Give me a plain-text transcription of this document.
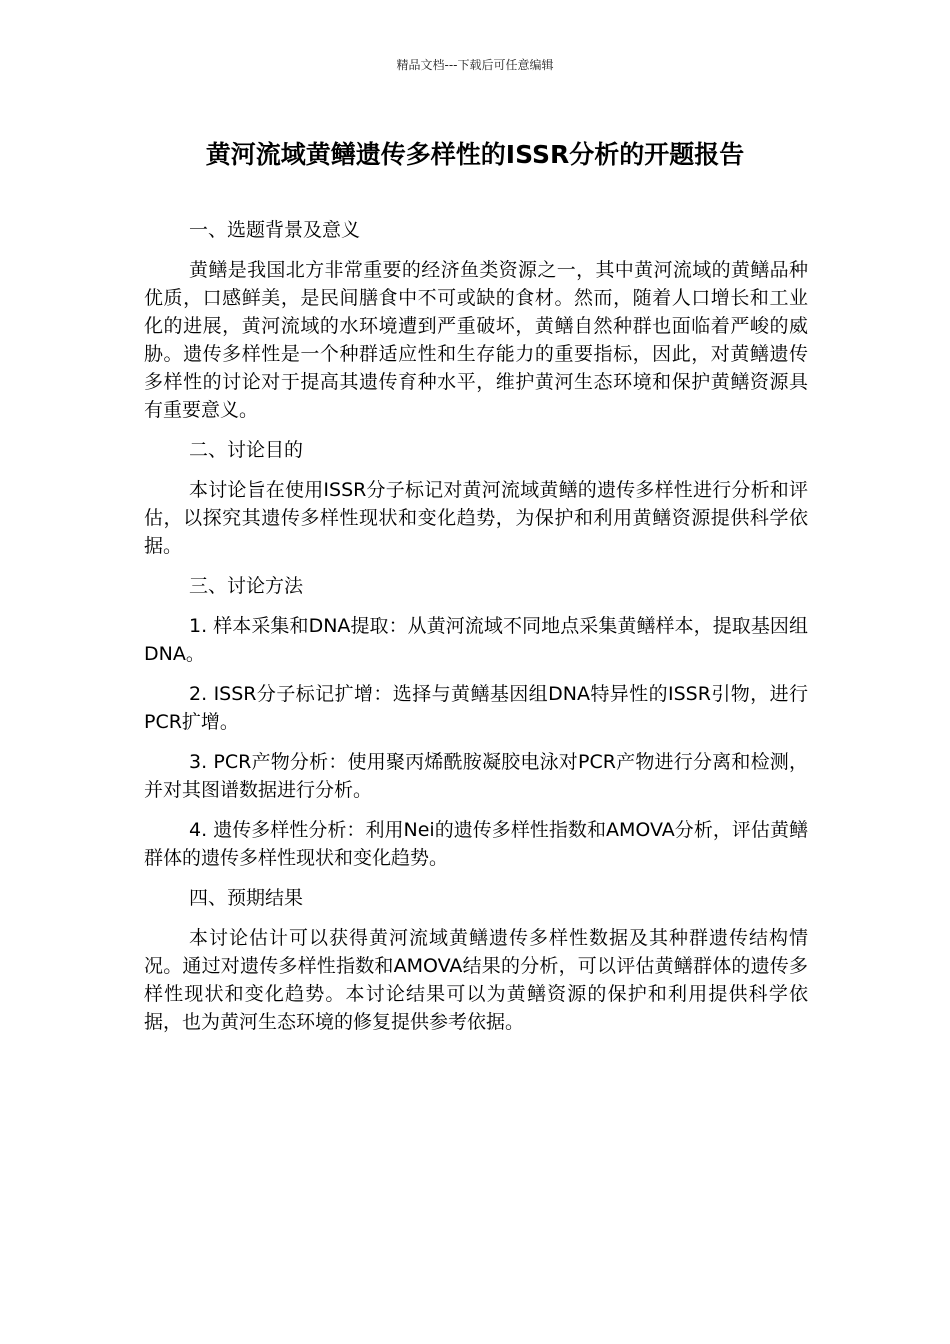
精品文档---下载后可任意编辑
黄河流域黄鳝遗传多样性的ISSR分析的开题报告

一、选题背景及意义

黄鳝是我国北方非常重要的经济鱼类资源之一，其中黄河流域的黄鳝品种优质，口感鲜美，是民间膳食中不可或缺的食材。然而，随着人口增长和工业化的进展，黄河流域的水环境遭到严重破坏，黄鳝自然种群也面临着严峻的威胁。遗传多样性是一个种群适应性和生存能力的重要指标，因此，对黄鳝遗传多样性的讨论对于提高其遗传育种水平，维护黄河生态环境和保护黄鳝资源具有重要意义。

二、讨论目的

本讨论旨在使用ISSR分子标记对黄河流域黄鳝的遗传多样性进行分析和评估，以探究其遗传多样性现状和变化趋势，为保护和利用黄鳝资源提供科学依据。

三、讨论方法

1. 样本采集和DNA提取：从黄河流域不同地点采集黄鳝样本，提取基因组DNA。

2. ISSR分子标记扩增：选择与黄鳝基因组DNA特异性的ISSR引物，进行PCR扩增。

3. PCR产物分析：使用聚丙烯酰胺凝胶电泳对PCR产物进行分离和检测，并对其图谱数据进行分析。

4. 遗传多样性分析：利用Nei的遗传多样性指数和AMOVA分析，评估黄鳝群体的遗传多样性现状和变化趋势。

四、预期结果

本讨论估计可以获得黄河流域黄鳝遗传多样性数据及其种群遗传结构情况。通过对遗传多样性指数和AMOVA结果的分析，可以评估黄鳝群体的遗传多样性现状和变化趋势。本讨论结果可以为黄鳝资源的保护和利用提供科学依据，也为黄河生态环境的修复提供参考依据。
